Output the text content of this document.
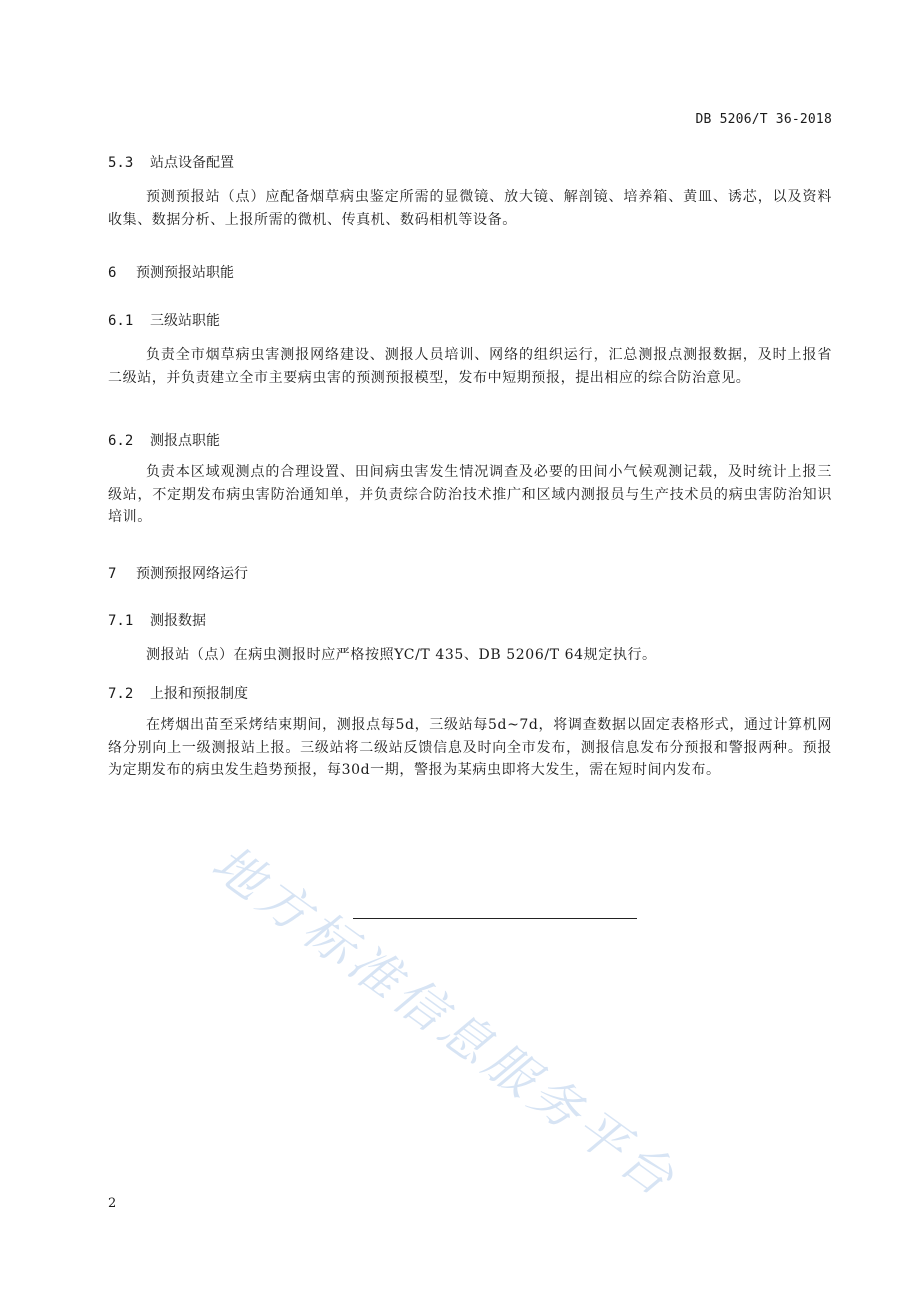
DB 5206/T 36-2018
5.3 站点设备配置
预测预报站（点）应配备烟草病虫鉴定所需的显微镜、放大镜、解剖镜、培养箱、黄皿、诱芯，以及资料收集、数据分析、上报所需的微机、传真机、数码相机等设备。
6 预测预报站职能
6.1 三级站职能
负责全市烟草病虫害测报网络建设、测报人员培训、网络的组织运行，汇总测报点测报数据，及时上报省二级站，并负责建立全市主要病虫害的预测预报模型，发布中短期预报，提出相应的综合防治意见。
6.2 测报点职能
负责本区域观测点的合理设置、田间病虫害发生情况调查及必要的田间小气候观测记载，及时统计上报三级站，不定期发布病虫害防治通知单，并负责综合防治技术推广和区域内测报员与生产技术员的病虫害防治知识培训。
7 预测预报网络运行
7.1 测报数据
测报站（点）在病虫测报时应严格按照YC/T 435、DB 5206/T 64规定执行。
7.2 上报和预报制度
在烤烟出苗至采烤结束期间，测报点每5d，三级站每5d~7d，将调查数据以固定表格形式，通过计算机网络分别向上一级测报站上报。三级站将二级站反馈信息及时向全市发布，测报信息发布分预报和警报两种。预报为定期发布的病虫发生趋势预报，每30d一期，警报为某病虫即将大发生，需在短时间内发布。
地方标准信息服务平台
2
